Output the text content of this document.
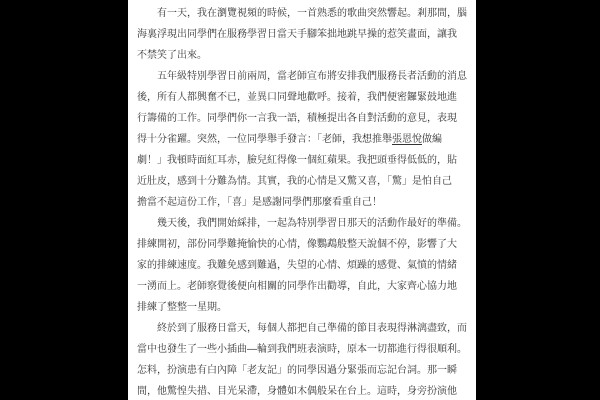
有一天，我在瀏覽視頻的時候，一首熟悉的歌曲突然響起。剎那間，腦
海裏浮現出同學們在服務學習日當天手腳笨拙地跳早操的惹笑畫面，讓我
不禁笑了出來。
五年級特別學習日前兩周，當老師宣布將安排我們服務長者活動的消息
後，所有人都興奮不已，並異口同聲地歡呼。接着，我們便密鑼緊鼓地進
行籌備的工作。同學們你一言我一語，積極提出各自對活動的意見，表現
得十分雀躍。突然，一位同學舉手發言：「老師，我想推舉張恩悅做編
劇！」我頓時面紅耳赤，臉兒紅得像一個紅蘋果。我把頭垂得低低的，貼
近肚皮，感到十分難為情。其實，我的心情是又驚又喜，「驚」是怕自己
擔當不起這份工作，「喜」是感謝同學們那麼看重自己！
幾天後，我們開始綵排，一起為特別學習日那天的活動作最好的準備。
排練開初，部份同學難掩愉快的心情，像鸚鵡般整天說個不停，影響了大
家的排練速度。我難免感到難過，失望的心情、煩躁的感覺、氣憤的情緒
一湧而上。老師察覺後便向相關的同學作出勸導，自此，大家齊心協力地
排練了整整一星期。
終於到了服務日當天，每個人都把自己準備的節目表現得淋漓盡致，而
當中也發生了一些小插曲—輪到我們班表演時，原本一切都進行得很順利。
怎料，扮演患有白內障「老友記」的同學因過分緊張而忘記台詞。那一瞬
間，他驚惶失措、目光呆滯，身體如木偶般呆在台上。這時，身旁扮演他
